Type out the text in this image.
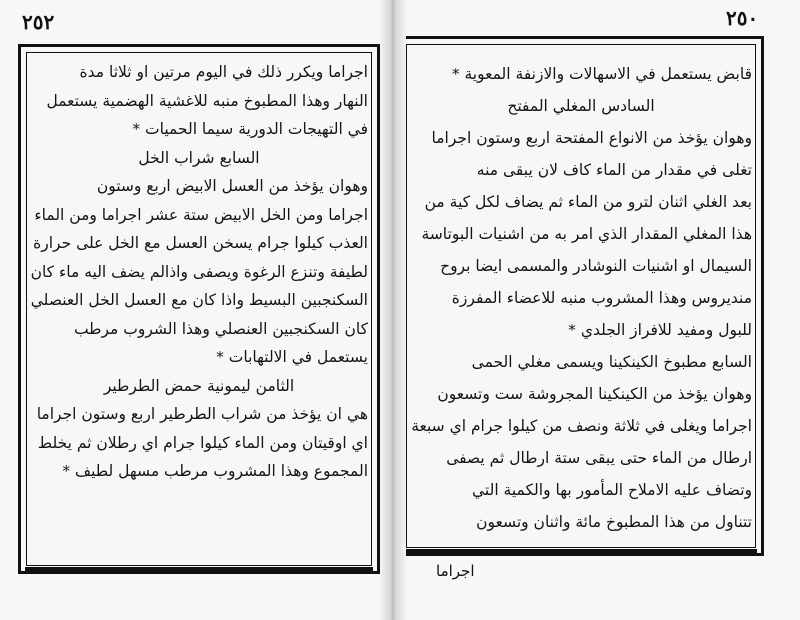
٢٥٢
اجراما ويكرر ذلك في اليوم مرتين او ثلاثا مدة
النهار وهذا المطبوخ منبه للاغشية الهضمية يستعمل
في التهيجات الدورية سيما الحميات *
السابع شراب الخل
وهوان يؤخذ من العسل الابيض اربع وستون
اجراما ومن الخل الابيض ستة عشر اجراما ومن الماء
العذب كيلوا جرام يسخن العسل مع الخل على حرارة
لطيفة وتنزع الرغوة ويصفى واذالم يضف اليه ماء كان
السكنجبين البسيط واذا كان مع العسل الخل العنصلي
كان السكنجبين العنصلي وهذا الشروب مرطب
يستعمل في الالتهابات *
الثامن ليمونية حمض الطرطير
هي ان يؤخذ من شراب الطرطير اربع وستون اجراما
اي اوقيتان ومن الماء كيلوا جرام اي رطلان ثم يخلط
المجموع وهذا المشروب مرطب مسهل لطيف *
٢٥٠
قابض يستعمل في الاسهالات والازنفة المعوية *
السادس المغلي المفتح
وهوان يؤخذ من الانواع المفتحة اربع وستون اجراما
تغلى في مقدار من الماء كاف لان يبقى منه
بعد الغلي اثنان لترو من الماء ثم يضاف لكل كية من
هذا المغلي المقدار الذي امر به من اشنيات البوتاسة
السيمال او اشنيات النوشادر والمسمى ايضا بروح
منديروس وهذا المشروب منبه للاعضاء المفرزة
للبول ومفيد للافراز الجلدي *
السابع مطبوخ الكينكينا ويسمى مغلي الحمى
وهوان يؤخذ من الكينكينا المجروشة ست وتسعون
اجراما ويغلى في ثلاثة ونصف من كيلوا جرام اي سبعة
ارطال من الماء حتى يبقى ستة ارطال ثم يصفى
وتضاف عليه الاملاح المأمور بها والكمية التي
تتناول من هذا المطبوخ مائة واثنان وتسعون
اجراما
